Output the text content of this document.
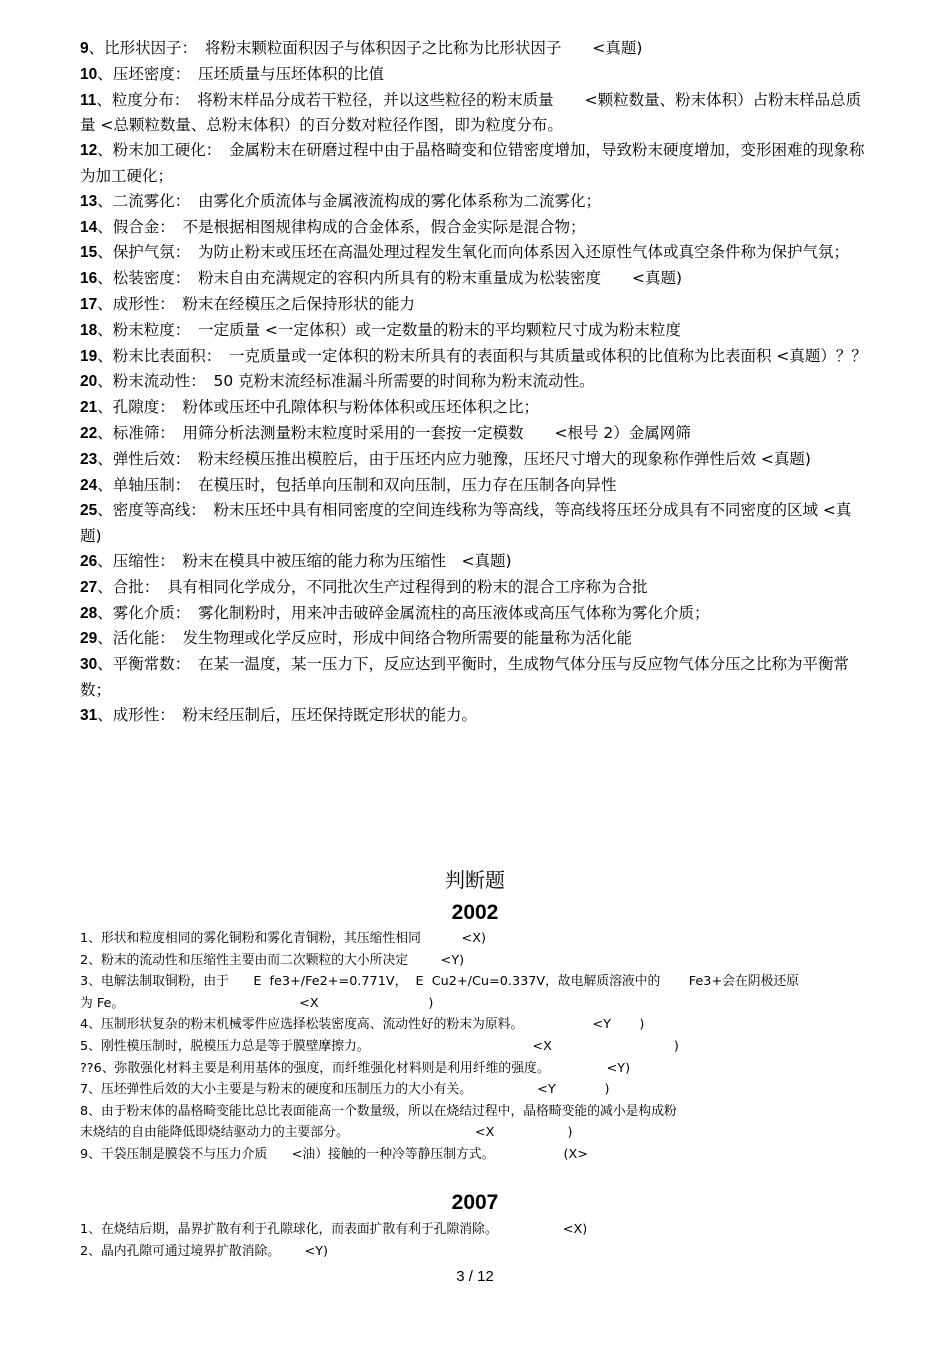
9、比形状因子：　将粉末颗粒面积因子与体积因子之比称为比形状因子　　<真题)

10、压坯密度：　压坯质量与压坯体积的比值

11、粒度分布：　将粉末样品分成若干粒径，并以这些粒径的粉末质量　　<颗粒数量、粉末体积）占粉末样品总质量 <总颗粒数量、总粉末体积）的百分数对粒径作图，即为粒度分布。

12、粉末加工硬化：　金属粉末在研磨过程中由于晶格畸变和位错密度增加，导致粉末硬度增加，变形困难的现象称为加工硬化；

13、二流雾化：　由雾化介质流体与金属液流构成的雾化体系称为二流雾化；

14、假合金：　不是根据相图规律构成的合金体系，假合金实际是混合物；

15、保护气氛：　为防止粉末或压坯在高温处理过程发生氧化而向体系因入还原性气体或真空条件称为保护气氛；

16、松装密度：　粉末自由充满规定的容积内所具有的粉末重量成为松装密度　　<真题)

17、成形性：　粉末在经模压之后保持形状的能力

18、粉末粒度：　一定质量 <一定体积）或一定数量的粉末的平均颗粒尺寸成为粉末粒度

19、粉末比表面积：　一克质量或一定体积的粉末所具有的表面积与其质量或体积的比值称为比表面积 <真题）？？

20、粉末流动性：　50 克粉末流经标准漏斗所需要的时间称为粉末流动性。

21、孔隙度：　粉体或压坯中孔隙体积与粉体体积或压坯体积之比；

22、标准筛：　用筛分析法测量粉末粒度时采用的一套按一定模数　　<根号 2）金属网筛

23、弹性后效：　粉末经模压推出模腔后，由于压坯内应力驰豫，压坯尺寸增大的现象称作弹性后效 <真题)

24、单轴压制：　在模压时，包括单向压制和双向压制，压力存在压制各向异性

25、密度等高线：　粉末压坯中具有相同密度的空间连线称为等高线，等高线将压坯分成具有不同密度的区域 <真题)

26、压缩性：　粉末在模具中被压缩的能力称为压缩性　<真题)

27、合批：　具有相同化学成分，不同批次生产过程得到的粉末的混合工序称为合批

28、雾化介质：　雾化制粉时，用来冲击破碎金属流柱的高压液体或高压气体称为雾化介质；

29、活化能：　发生物理或化学反应时，形成中间络合物所需要的能量称为活化能

30、平衡常数：　在某一温度，某一压力下，反应达到平衡时，生成物气体分压与反应物气体分压之比称为平衡常数；

31、成形性：　粉末经压制后，压坯保持既定形状的能力。

判断题
2002

1、形状和粒度相同的雾化铜粉和雾化青铜粉，其压缩性相同          <X)

2、粉末的流动性和压缩性主要由而二次颗粒的大小所决定        <Y)

3、电解法制取铜粉，由于      E  fe3+/Fe2+=0.771V，  E  Cu2+/Cu=0.337V，故电解质溶液中的       Fe3+会在阴极还原

为 Fe。                                           <X                           )

4、压制形状复杂的粉末机械零件应选择松装密度高、流动性好的粉末为原料。                 <Y       )

5、刚性模压制时，脱模压力总是等于膜壁摩擦力。                                        <X                              )

??6、弥散强化材料主要是利用基体的强度，而纤维强化材料则是利用纤维的强度。              <Y)

7、压坯弹性后效的大小主要是与粉末的硬度和压制压力的大小有关。                <Y            )

8、由于粉末体的晶格畸变能比总比表面能高一个数量级，所以在烧结过程中，晶格畸变能的减小是构成粉

末烧结的自由能降低即烧结驱动力的主要部分。                               <X                  )

9、干袋压制是膜袋不与压力介质      <油）接触的一种冷等静压制方式。                 (X>

2007

1、在烧结后期，晶界扩散有利于孔隙球化，而表面扩散有利于孔隙消除。                <X)

2、晶内孔隙可通过境界扩散消除。      <Y)

3 / 12
